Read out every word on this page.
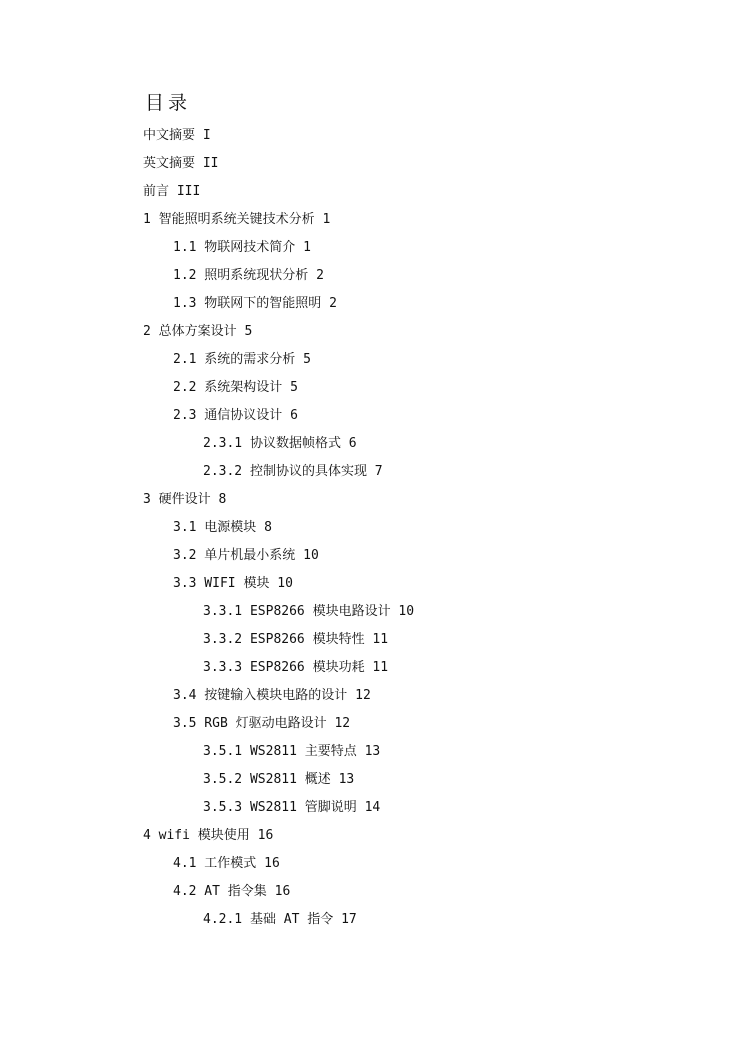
目录
中文摘要 I
英文摘要 II
前言 III
1 智能照明系统关键技术分析 1
1.1 物联网技术简介 1
1.2 照明系统现状分析 2
1.3 物联网下的智能照明 2
2 总体方案设计 5
2.1 系统的需求分析 5
2.2 系统架构设计 5
2.3 通信协议设计 6
2.3.1 协议数据帧格式 6
2.3.2 控制协议的具体实现 7
3 硬件设计 8
3.1 电源模块 8
3.2 单片机最小系统 10
3.3 WIFI 模块 10
3.3.1 ESP8266 模块电路设计 10
3.3.2 ESP8266 模块特性 11
3.3.3 ESP8266 模块功耗 11
3.4 按键输入模块电路的设计 12
3.5 RGB 灯驱动电路设计 12
3.5.1 WS2811 主要特点 13
3.5.2 WS2811 概述 13
3.5.3 WS2811 管脚说明 14
4 wifi 模块使用 16
4.1 工作模式 16
4.2 AT 指令集 16
4.2.1 基础 AT 指令 17
